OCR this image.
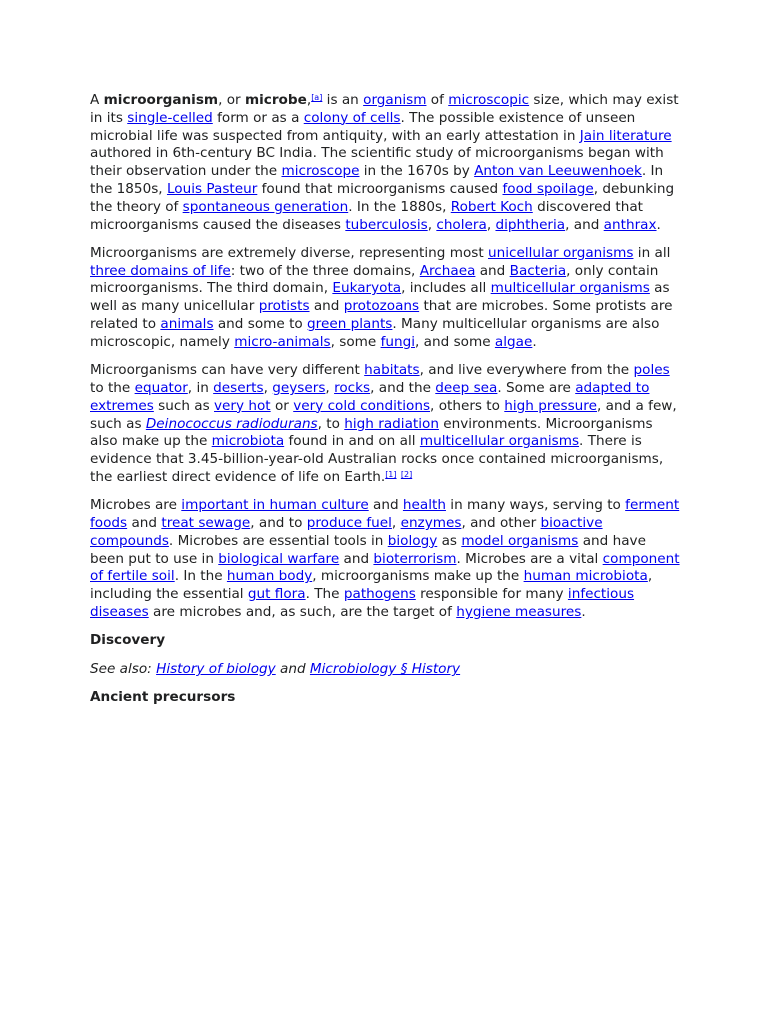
A microorganism, or microbe,[a] is an organism of microscopic size, which may exist in its single-celled form or as a colony of cells. The possible existence of unseen microbial life was suspected from antiquity, with an early attestation in Jain literature authored in 6th-century BC India. The scientific study of microorganisms began with their observation under the microscope in the 1670s by Anton van Leeuwenhoek. In the 1850s, Louis Pasteur found that microorganisms caused food spoilage, debunking the theory of spontaneous generation. In the 1880s, Robert Koch discovered that microorganisms caused the diseases tuberculosis, cholera, diphtheria, and anthrax.

Microorganisms are extremely diverse, representing most unicellular organisms in all three domains of life: two of the three domains, Archaea and Bacteria, only contain microorganisms. The third domain, Eukaryota, includes all multicellular organisms as well as many unicellular protists and protozoans that are microbes. Some protists are related to animals and some to green plants. Many multicellular organisms are also microscopic, namely micro-animals, some fungi, and some algae.

Microorganisms can have very different habitats, and live everywhere from the poles to the equator, in deserts, geysers, rocks, and the deep sea. Some are adapted to extremes such as very hot or very cold conditions, others to high pressure, and a few, such as Deinococcus radiodurans, to high radiation environments. Microorganisms also make up the microbiota found in and on all multicellular organisms. There is evidence that 3.45-billion-year-old Australian rocks once contained microorganisms, the earliest direct evidence of life on Earth.[1] [2]

Microbes are important in human culture and health in many ways, serving to ferment foods and treat sewage, and to produce fuel, enzymes, and other bioactive compounds. Microbes are essential tools in biology as model organisms and have been put to use in biological warfare and bioterrorism. Microbes are a vital component of fertile soil. In the human body, microorganisms make up the human microbiota, including the essential gut flora. The pathogens responsible for many infectious diseases are microbes and, as such, are the target of hygiene measures.

Discovery
See also: History of biology and Microbiology § History
Ancient precursors
